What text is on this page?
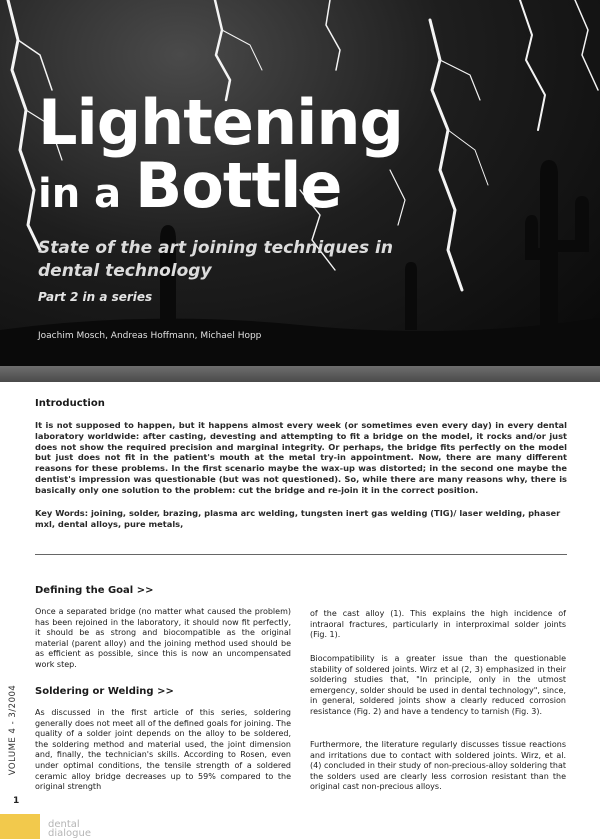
Lightening
in a Bottle
State of the art joining techniques in dental technology
Part 2 in a series
Joachim Mosch, Andreas Hoffmann, Michael Hopp
Introduction
It is not supposed to happen, but it happens almost every week (or sometimes even every day) in every dental laboratory worldwide: after casting, devesting and attempting to fit a bridge on the model, it rocks and/or just does not show the required precision and marginal integrity. Or perhaps, the bridge fits perfectly on the model but just does not fit in the patient's mouth at the metal try-in appointment. Now, there are many different reasons for these problems. In the first scenario maybe the wax-up was distorted; in the second one maybe the dentist's impression was questionable (but was not questioned). So, while there are many reasons why, there is basically only one solution to the problem: cut the bridge and re-join it in the correct position.
Key Words: joining, solder, brazing, plasma arc welding, tungsten inert gas welding (TIG)/ laser welding, phaser mxl, dental alloys, pure metals,
Defining the Goal >>
Once a separated bridge (no matter what caused the problem) has been rejoined in the laboratory, it should now fit perfectly, it should be as strong and biocompatible as the original material (parent alloy) and the joining method used should be as efficient as possible, since this is now an uncompensated work step.
Soldering or Welding >>
As discussed in the first article of this series, soldering generally does not meet all of the defined goals for joining. The quality of a solder joint depends on the alloy to be soldered, the soldering method and material used, the joint dimension and, finally, the technician's skills. According to Rosen, even under optimal conditions, the tensile strength of a soldered ceramic alloy bridge decreases up to 59% compared to the original strength
of the cast alloy (1). This explains the high incidence of intraoral fractures, particularly in interproximal solder joints (Fig. 1).
Biocompatibility is a greater issue than the questionable stability of soldered joints. Wirz et al (2, 3) emphasized in their soldering studies that, "In principle, only in the utmost emergency, solder should be used in dental technology", since, in general, soldered joints show a clearly reduced corrosion resistance (Fig. 2) and have a tendency to tarnish (Fig. 3).
Furthermore, the literature regularly discusses tissue reactions and irritations due to contact with soldered joints. Wirz, et al. (4) concluded in their study of non-precious-alloy soldering that the solders used are clearly less corrosion resistant than the original cast non-precious alloys.
VOLUME 4 - 3/2004
1
dental
dialogue
